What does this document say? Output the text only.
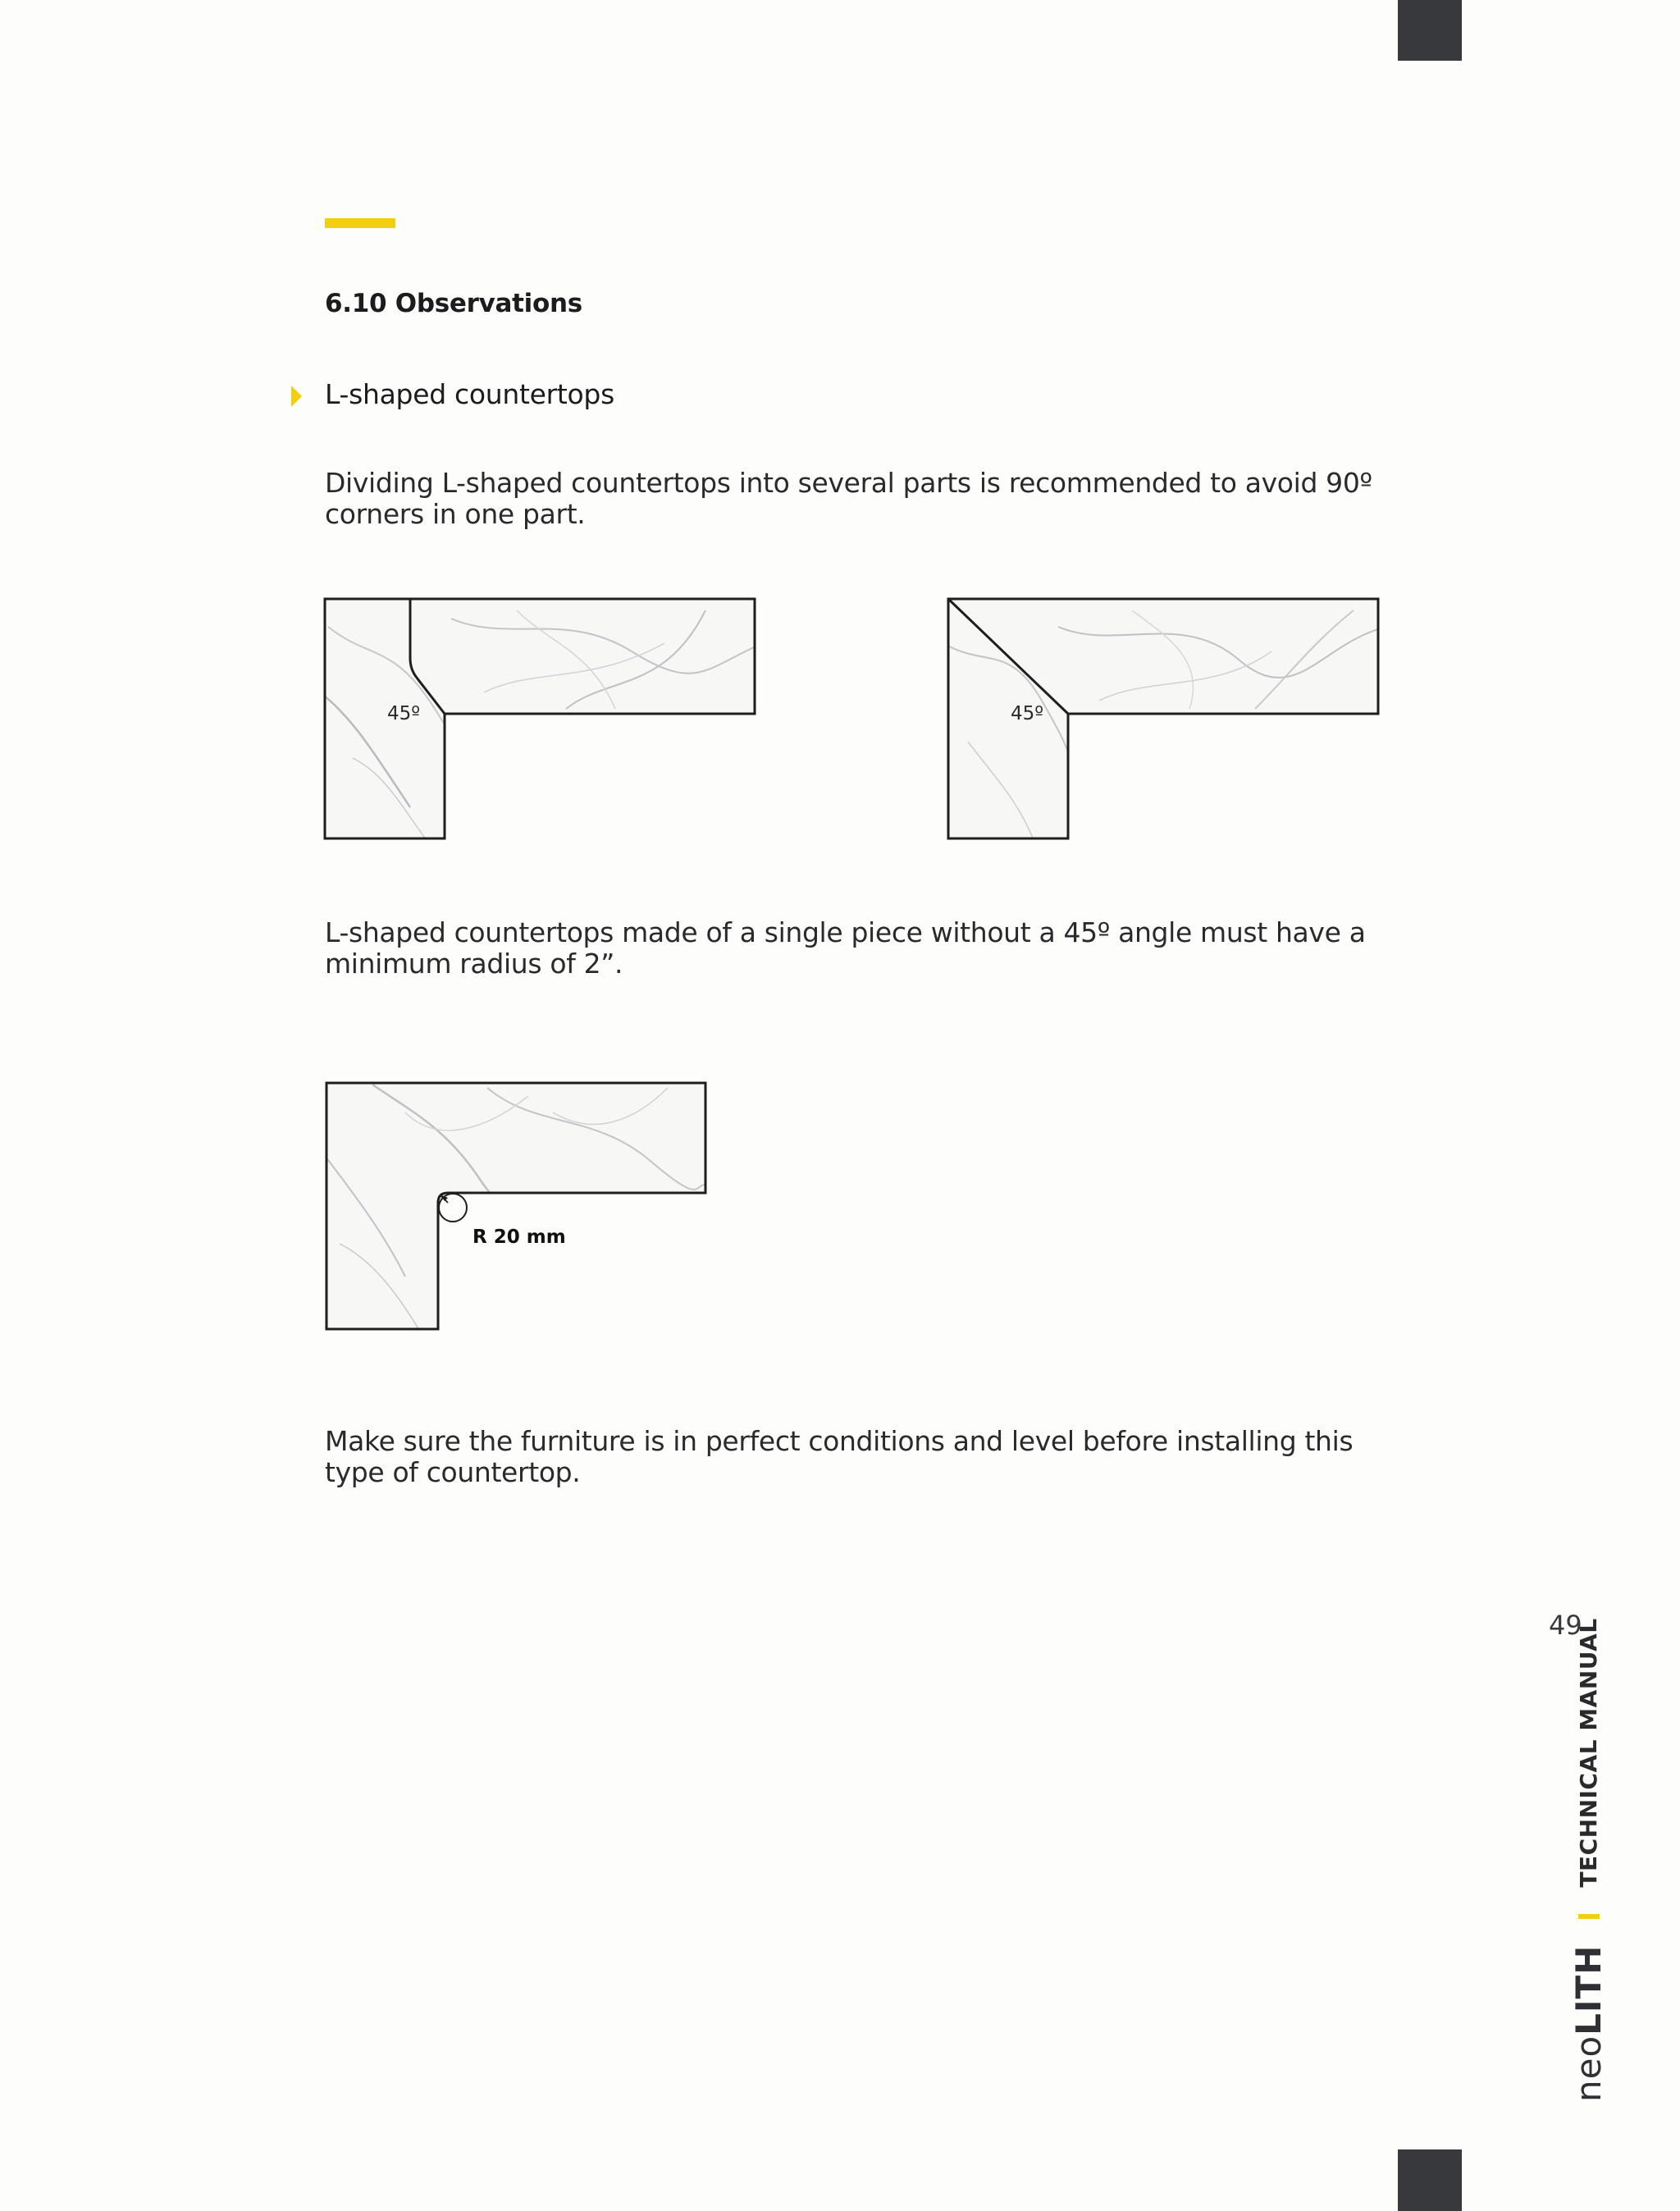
6.10 Observations
L-shaped countertops

Dividing L-shaped countertops into several parts is recommended to avoid 90º corners in one part.

45º	45º

L-shaped countertops made of a single piece without a 45º angle must have a minimum radius of 2”.

R 20 mm

Make sure the furniture is in perfect conditions and level before installing this type of countertop.

49
neoLITH
TECHNICAL MANUAL
